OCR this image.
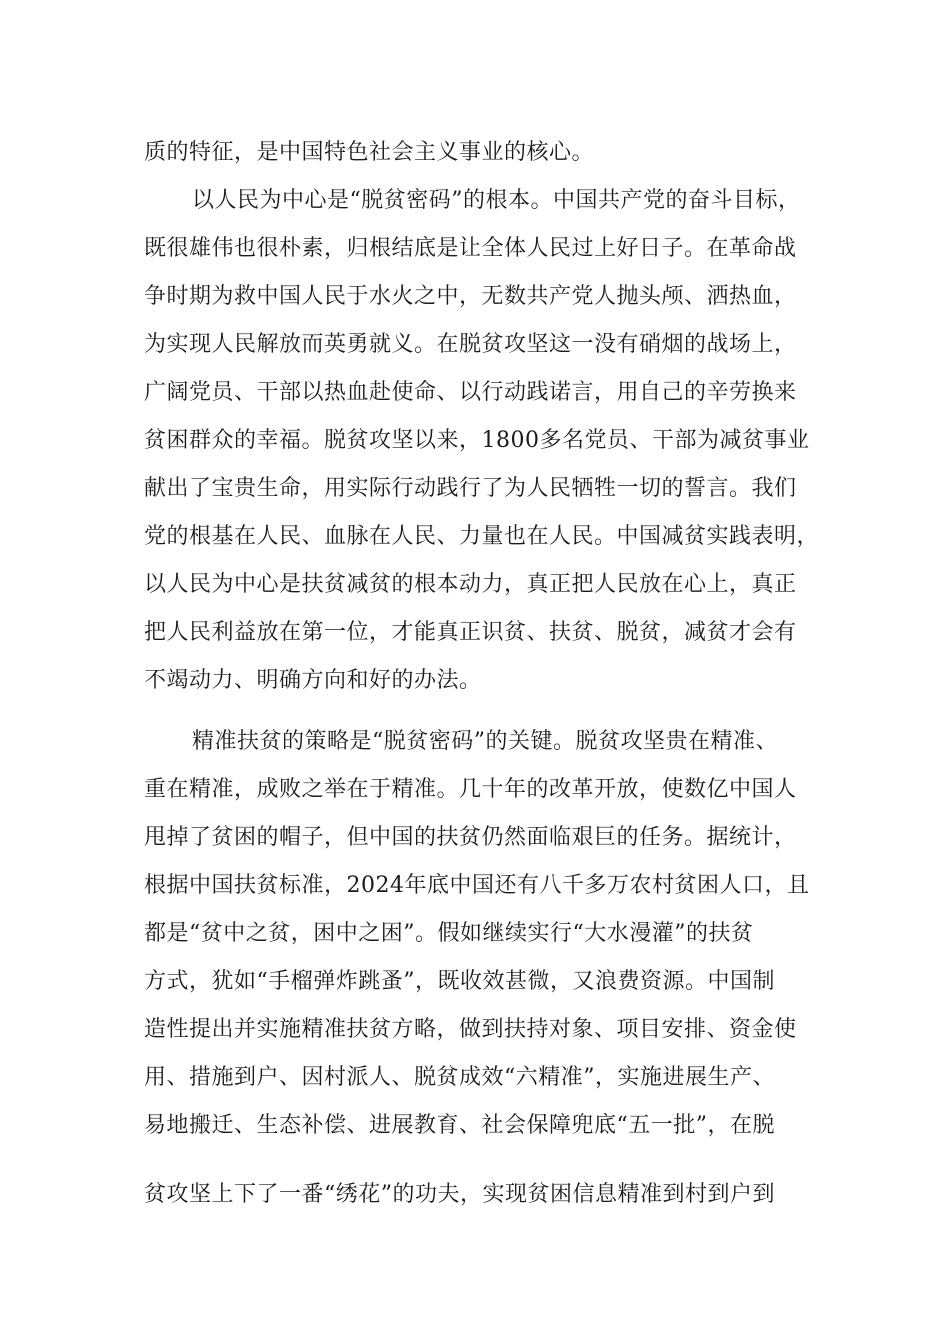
质的特征，是中国特色社会主义事业的核心。
以人民为中心是“脱贫密码”的根本。中国共产党的奋斗目标，
既很雄伟也很朴素，归根结底是让全体人民过上好日子。在革命战
争时期为救中国人民于水火之中，无数共产党人抛头颅、洒热血，
为实现人民解放而英勇就义。在脱贫攻坚这一没有硝烟的战场上，
广阔党员、干部以热血赴使命、以行动践诺言，用自己的辛劳换来
贫困群众的幸福。脱贫攻坚以来，1800多名党员、干部为减贫事业
献出了宝贵生命，用实际行动践行了为人民牺牲一切的誓言。我们
党的根基在人民、血脉在人民、力量也在人民。中国减贫实践表明，
以人民为中心是扶贫减贫的根本动力，真正把人民放在心上，真正
把人民利益放在第一位，才能真正识贫、扶贫、脱贫，减贫才会有
不竭动力、明确方向和好的办法。
精准扶贫的策略是“脱贫密码”的关键。脱贫攻坚贵在精准、
重在精准，成败之举在于精准。几十年的改革开放，使数亿中国人
甩掉了贫困的帽子，但中国的扶贫仍然面临艰巨的任务。据统计，
根据中国扶贫标准，2024年底中国还有八千多万农村贫困人口，且
都是“贫中之贫，困中之困”。假如继续实行“大水漫灌”的扶贫
方式，犹如“手榴弹炸跳蚤”，既收效甚微，又浪费资源。中国制
造性提出并实施精准扶贫方略，做到扶持对象、项目安排、资金使
用、措施到户、因村派人、脱贫成效“六精准”，实施进展生产、
易地搬迁、生态补偿、进展教育、社会保障兜底“五一批”，在脱
贫攻坚上下了一番“绣花”的功夫，实现贫困信息精准到村到户到
